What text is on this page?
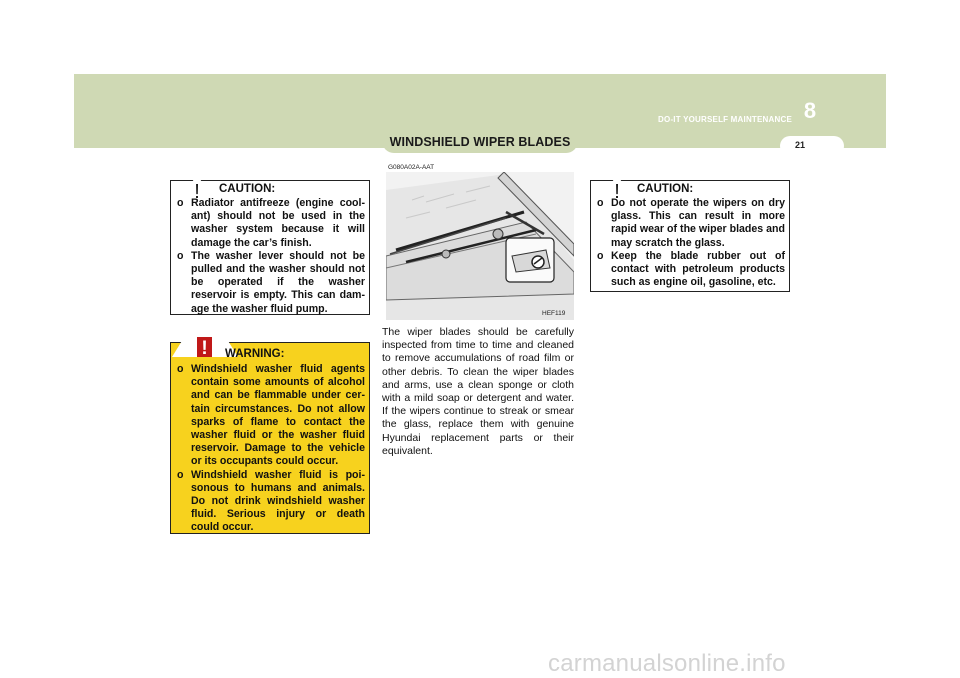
8
DO-IT YOURSELF MAINTENANCE
21
WINDSHIELD WIPER BLADES
! CAUTION:
o Radiator antifreeze (engine cool-ant) should not be used in the washer system because it will damage the car’s finish.
o The washer lever should not be pulled and the washer should not be operated if the washer reservoir is empty. This can dam-age the washer fluid pump.
! WARNING:
o Windshield washer fluid agents contain some amounts of alcohol and can be flammable under cer-tain circumstances. Do not allow sparks of flame to contact the washer fluid or the washer fluid reservoir. Damage to the vehicle or its occupants could occur.
o Windshield washer fluid is poi-sonous to humans and animals. Do not drink windshield washer fluid. Serious injury or death could occur.
G080A02A-AAT
HEF119
The wiper blades should be carefully inspected from time to time and cleaned to remove accumulations of road film or other debris. To clean the wiper blades and arms, use a clean sponge or cloth with a mild soap or detergent and water. If the wipers continue to streak or smear the glass, replace them with genuine Hyundai replacement parts or their equivalent.
! CAUTION:
o Do not operate the wipers on dry glass. This can result in more rapid wear of the wiper blades and may scratch the glass.
o Keep the blade rubber out of contact with petroleum products such as engine oil, gasoline, etc.
carmanualsonline.info
